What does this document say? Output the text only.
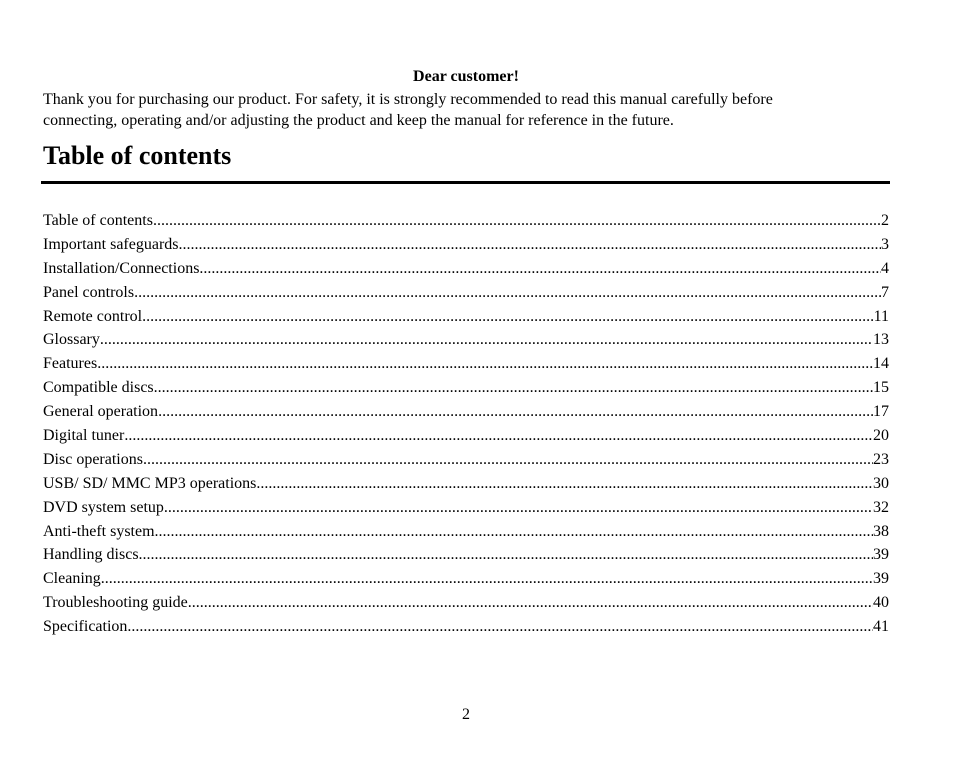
Dear customer!

Thank you for purchasing our product. For safety, it is strongly recommended to read this manual carefully before

connecting, operating and/or adjusting the product and keep the manual for reference in the future.

Table of contents
Table of contents .....	2
Important safeguards .....	3
Installation/Connections .....	4
Panel controls .....	7
Remote control .....	11
Glossary .....	13
Features .....	14
Compatible discs .....	15
General operation .....	17
Digital tuner .....	20
Disc operations .....	23
USB/ SD/ MMC MP3 operations .....	30
DVD system setup .....	32
Anti-theft system .....	38
Handling discs .....	39
Cleaning .....	39
Troubleshooting guide .....	40
Specification .....	41
2
